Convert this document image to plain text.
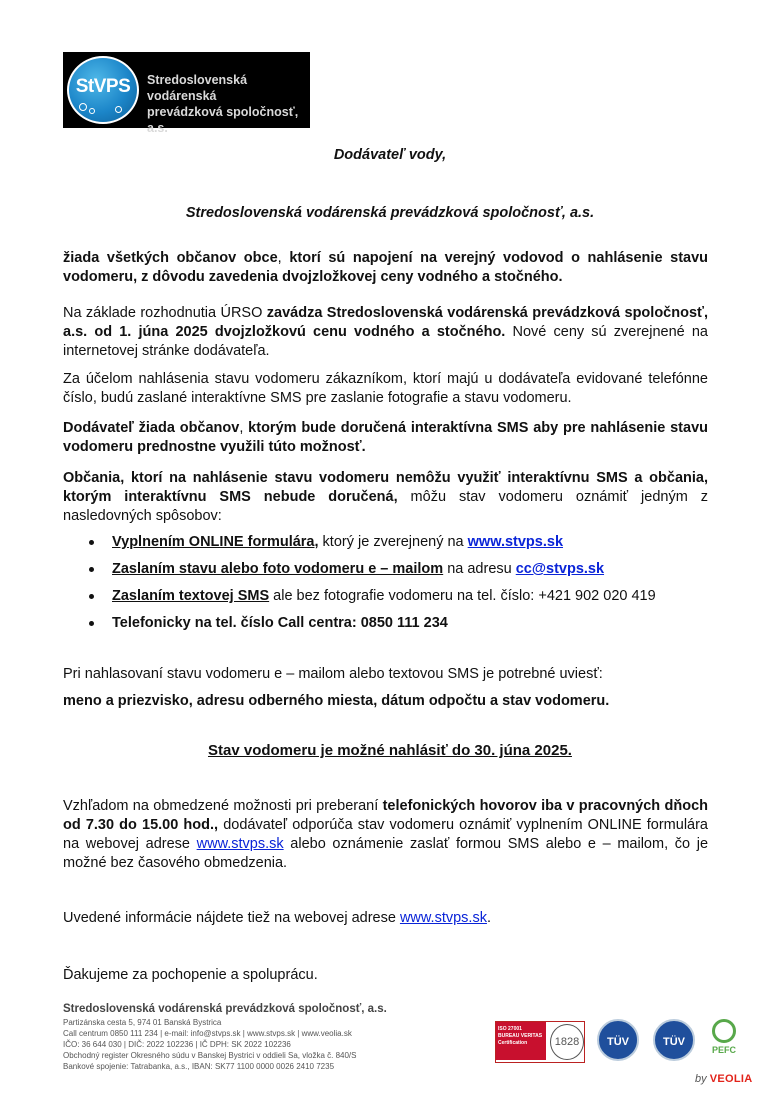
StVPS	Stredoslovenská vodárenská
prevádzková spoločnosť, a.s.
Dodávateľ vody,
Stredoslovenská vodárenská prevádzková spoločnosť, a.s.
žiada všetkých občanov obce, ktorí sú napojení na verejný vodovod o nahlásenie stavu vodomeru, z dôvodu zavedenia dvojzložkovej ceny vodného a stočného.
Na základe rozhodnutia ÚRSO zavádza Stredoslovenská vodárenská prevádzková spoločnosť, a.s. od 1. júna 2025 dvojzložkovú cenu vodného a stočného. Nové ceny sú zverejnené na internetovej stránke dodávateľa.
Za účelom nahlásenia stavu vodomeru zákazníkom, ktorí majú u dodávateľa evidované telefónne číslo, budú zaslané interaktívne SMS pre zaslanie fotografie a stavu vodomeru.
Dodávateľ žiada občanov, ktorým bude doručená interaktívna SMS aby pre nahlásenie stavu vodomeru prednostne využili túto možnosť.
Občania, ktorí na nahlásenie stavu vodomeru nemôžu využiť interaktívnu SMS a občania, ktorým interaktívnu SMS nebude doručená, môžu stav vodomeru oznámiť jedným z nasledovných spôsobov:
Vyplnením ONLINE formulára, ktorý je zverejnený na www.stvps.sk
Zaslaním stavu alebo foto vodomeru e – mailom na adresu cc@stvps.sk
Zaslaním textovej SMS ale bez fotografie vodomeru na tel. číslo: +421 902 020 419
Telefonicky na tel. číslo Call centra: 0850 111 234
Pri nahlasovaní stavu vodomeru e – mailom alebo textovou SMS je potrebné uviesť:
meno a priezvisko, adresu odberného miesta, dátum odpočtu a stav vodomeru.
Stav vodomeru je možné nahlásiť do 30. júna 2025.
Vzhľadom na obmedzené možnosti pri preberaní telefonických hovorov iba v pracovných dňoch od 7.30 do 15.00 hod., dodávateľ odporúča stav vodomeru oznámiť vyplnením ONLINE formulára na webovej adrese www.stvps.sk alebo oznámenie zaslať formou SMS alebo e – mailom, čo je možné bez časového obmedzenia.
Uvedené informácie nájdete tiež na webovej adrese www.stvps.sk.
Ďakujeme za pochopenie a spoluprácu.
Stredoslovenská vodárenská prevádzková spoločnosť, a.s.
Partizánska cesta 5, 974 01 Banská Bystrica
Call centrum 0850 111 234 | e-mail: info@stvps.sk | www.stvps.sk | www.veolia.sk
IČO: 36 644 030 | DIČ: 2022 102236 | IČ DPH: SK 2022 102236
Obchodný register Okresného súdu v Banskej Bystrici v oddieli Sa, vložka č. 840/S
Bankové spojenie: Tatrabanka, a.s., IBAN: SK77 1100 0000 0026 2410 7235
ISO 27001 BUREAU VERITAS Certification	1828	TÜV	TÜV
PEFC
by VEOLIA
